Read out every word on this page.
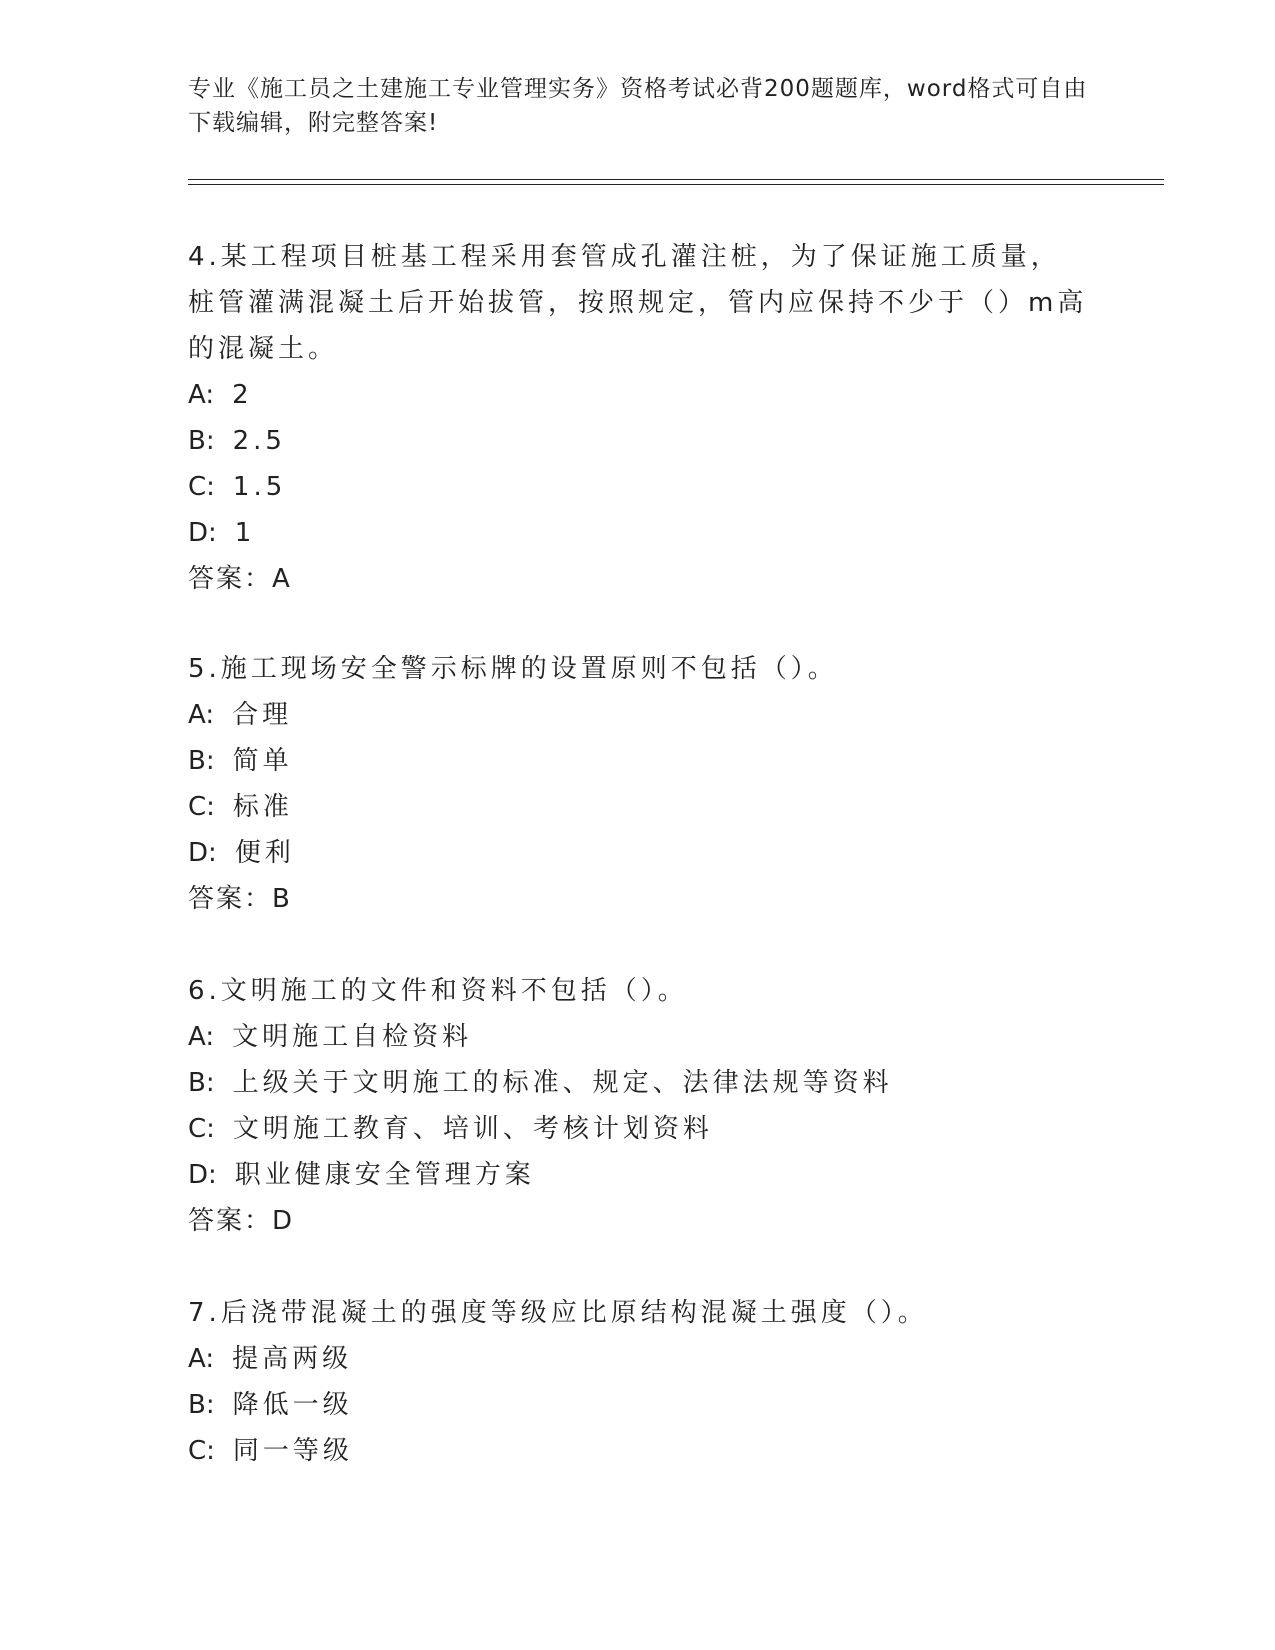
专业《施工员之土建施工专业管理实务》资格考试必背200题题库，word格式可自由下载编辑，附完整答案!

4.某工程项目桩基工程采用套管成孔灌注桩，为了保证施工质量，桩管灌满混凝土后开始拔管，按照规定，管内应保持不少于（）m高的混凝土。

A: 2
B: 2.5
C: 1.5
D: 1
答案：A

5.施工现场安全警示标牌的设置原则不包括（）。

A: 合理
B: 简单
C: 标准
D: 便利
答案：B

6.文明施工的文件和资料不包括（）。

A: 文明施工自检资料
B: 上级关于文明施工的标准、规定、法律法规等资料
C: 文明施工教育、培训、考核计划资料
D: 职业健康安全管理方案
答案：D

7.后浇带混凝土的强度等级应比原结构混凝土强度（）。

A: 提高两级
B: 降低一级
C: 同一等级
